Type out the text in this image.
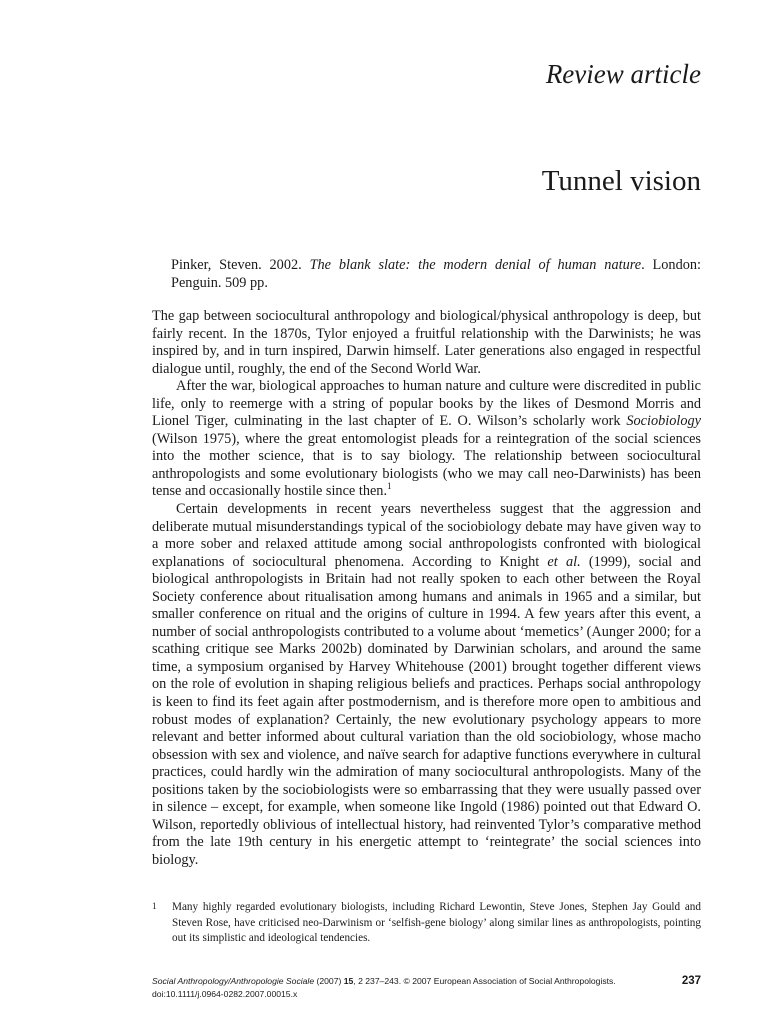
Review article
Tunnel vision
Pinker, Steven. 2002. The blank slate: the modern denial of human nature. London: Penguin. 509 pp.

The gap between sociocultural anthropology and biological/physical anthropology is deep, but fairly recent. In the 1870s, Tylor enjoyed a fruitful relationship with the Darwinists; he was inspired by, and in turn inspired, Darwin himself. Later generations also engaged in respectful dialogue until, roughly, the end of the Second World War.

After the war, biological approaches to human nature and culture were discredited in public life, only to reemerge with a string of popular books by the likes of Desmond Morris and Lionel Tiger, culminating in the last chapter of E. O. Wilson’s scholarly work Sociobiology (Wilson 1975), where the great entomologist pleads for a reintegration of the social sciences into the mother science, that is to say biology. The relationship between sociocultural anthropologists and some evolutionary biologists (who we may call neo-Darwinists) has been tense and occasionally hostile since then.$^1$

Certain developments in recent years nevertheless suggest that the aggression and deliberate mutual misunderstandings typical of the sociobiology debate may have given way to a more sober and relaxed attitude among social anthropologists confronted with biological explanations of sociocultural phenomena. According to Knight et al. (1999), social and biological anthropologists in Britain had not really spoken to each other between the Royal Society conference about ritualisation among humans and animals in 1965 and a similar, but smaller conference on ritual and the origins of culture in 1994. A few years after this event, a number of social anthropologists contributed to a volume about ‘memetics’ (Aunger 2000; for a scathing critique see Marks 2002b) dominated by Darwinian scholars, and around the same time, a symposium organised by Harvey Whitehouse (2001) brought together different views on the role of evolution in shaping religious beliefs and practices. Perhaps social anthropology is keen to find its feet again after postmodernism, and is therefore more open to ambitious and robust modes of explanation? Certainly, the new evolutionary psychology appears to more relevant and better informed about cultural variation than the old sociobiology, whose macho obsession with sex and violence, and naïve search for adaptive functions everywhere in cultural practices, could hardly win the admiration of many sociocultural anthropologists. Many of the positions taken by the sociobiologists were so embarrassing that they were usually passed over in silence – except, for example, when someone like Ingold (1986) pointed out that Edward O. Wilson, reportedly oblivious of intellectual history, had reinvented Tylor’s comparative method from the late 19th century in his energetic attempt to ‘reintegrate’ the social sciences into biology.

1	Many highly regarded evolutionary biologists, including Richard Lewontin, Steve Jones, Stephen Jay Gould and Steven Rose, have criticised neo-Darwinism or ‘selfish-gene biology’ along similar lines as anthropologists, pointing out its simplistic and ideological tendencies.
Social Anthropology/Anthropologie Sociale (2007) 15, 2 237–243. © 2007 European Association of Social Anthropologists.	237
doi:10.1111/j.0964-0282.2007.00015.x
